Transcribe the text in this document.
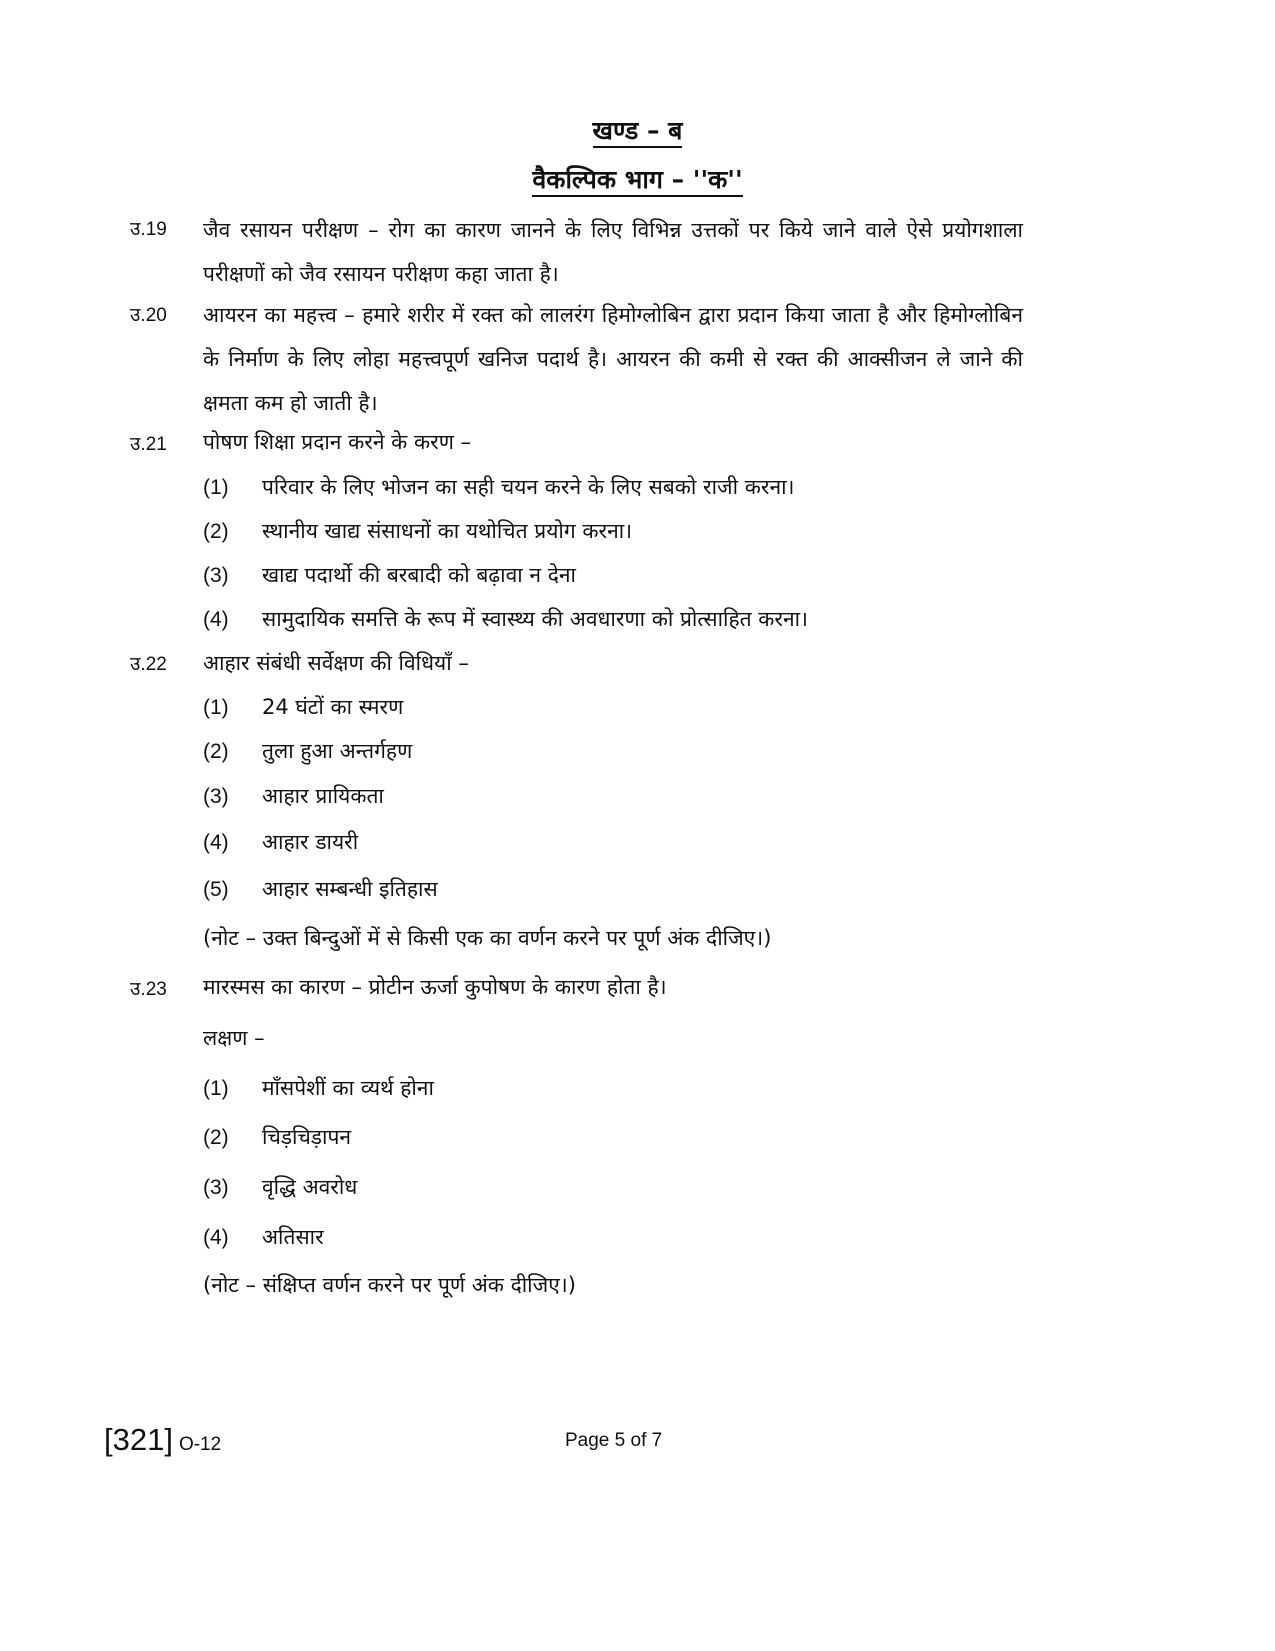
खण्ड – ब
वैकल्पिक भाग – ''क''
उ.19 जैव रसायन परीक्षण – रोग का कारण जानने के लिए विभिन्न उत्तकों पर किये जाने वाले ऐसे प्रयोगशाला परीक्षणों को जैव रसायन परीक्षण कहा जाता है।
उ.20 आयरन का महत्त्व – हमारे शरीर में रक्त को लालरंग हिमोग्लोबिन द्वारा प्रदान किया जाता है और हिमोग्लोबिन के निर्माण के लिए लोहा महत्त्वपूर्ण खनिज पदार्थ है। आयरन की कमी से रक्त की आक्सीजन ले जाने की क्षमता कम हो जाती है।
उ.21 पोषण शिक्षा प्रदान करने के करण –
(1) परिवार के लिए भोजन का सही चयन करने के लिए सबको राजी करना।
(2) स्थानीय खाद्य संसाधनों का यथोचित प्रयोग करना।
(3) खाद्य पदार्थो की बरबादी को बढ़ावा न देना
(4) सामुदायिक समत्ति के रूप में स्वास्थ्य की अवधारणा को प्रोत्साहित करना।
उ.22 आहार संबंधी सर्वेक्षण की विधियाँ –
(1) 24 घंटों का स्मरण
(2) तुला हुआ अन्तर्गहण
(3) आहार प्रायिकता
(4) आहार डायरी
(5) आहार सम्बन्धी इतिहास
(नोट – उक्त बिन्दुओं में से किसी एक का वर्णन करने पर पूर्ण अंक दीजिए।)
उ.23 मारस्मस का कारण – प्रोटीन ऊर्जा कुपोषण के कारण होता है।
लक्षण –
(1) माँसपेशीं का व्यर्थ होना
(2) चिड़चिड़ापन
(3) वृद्धि अवरोध
(4) अतिसार
(नोट – संक्षिप्त वर्णन करने पर पूर्ण अंक दीजिए।)
[321] O-12	Page 5 of 7
